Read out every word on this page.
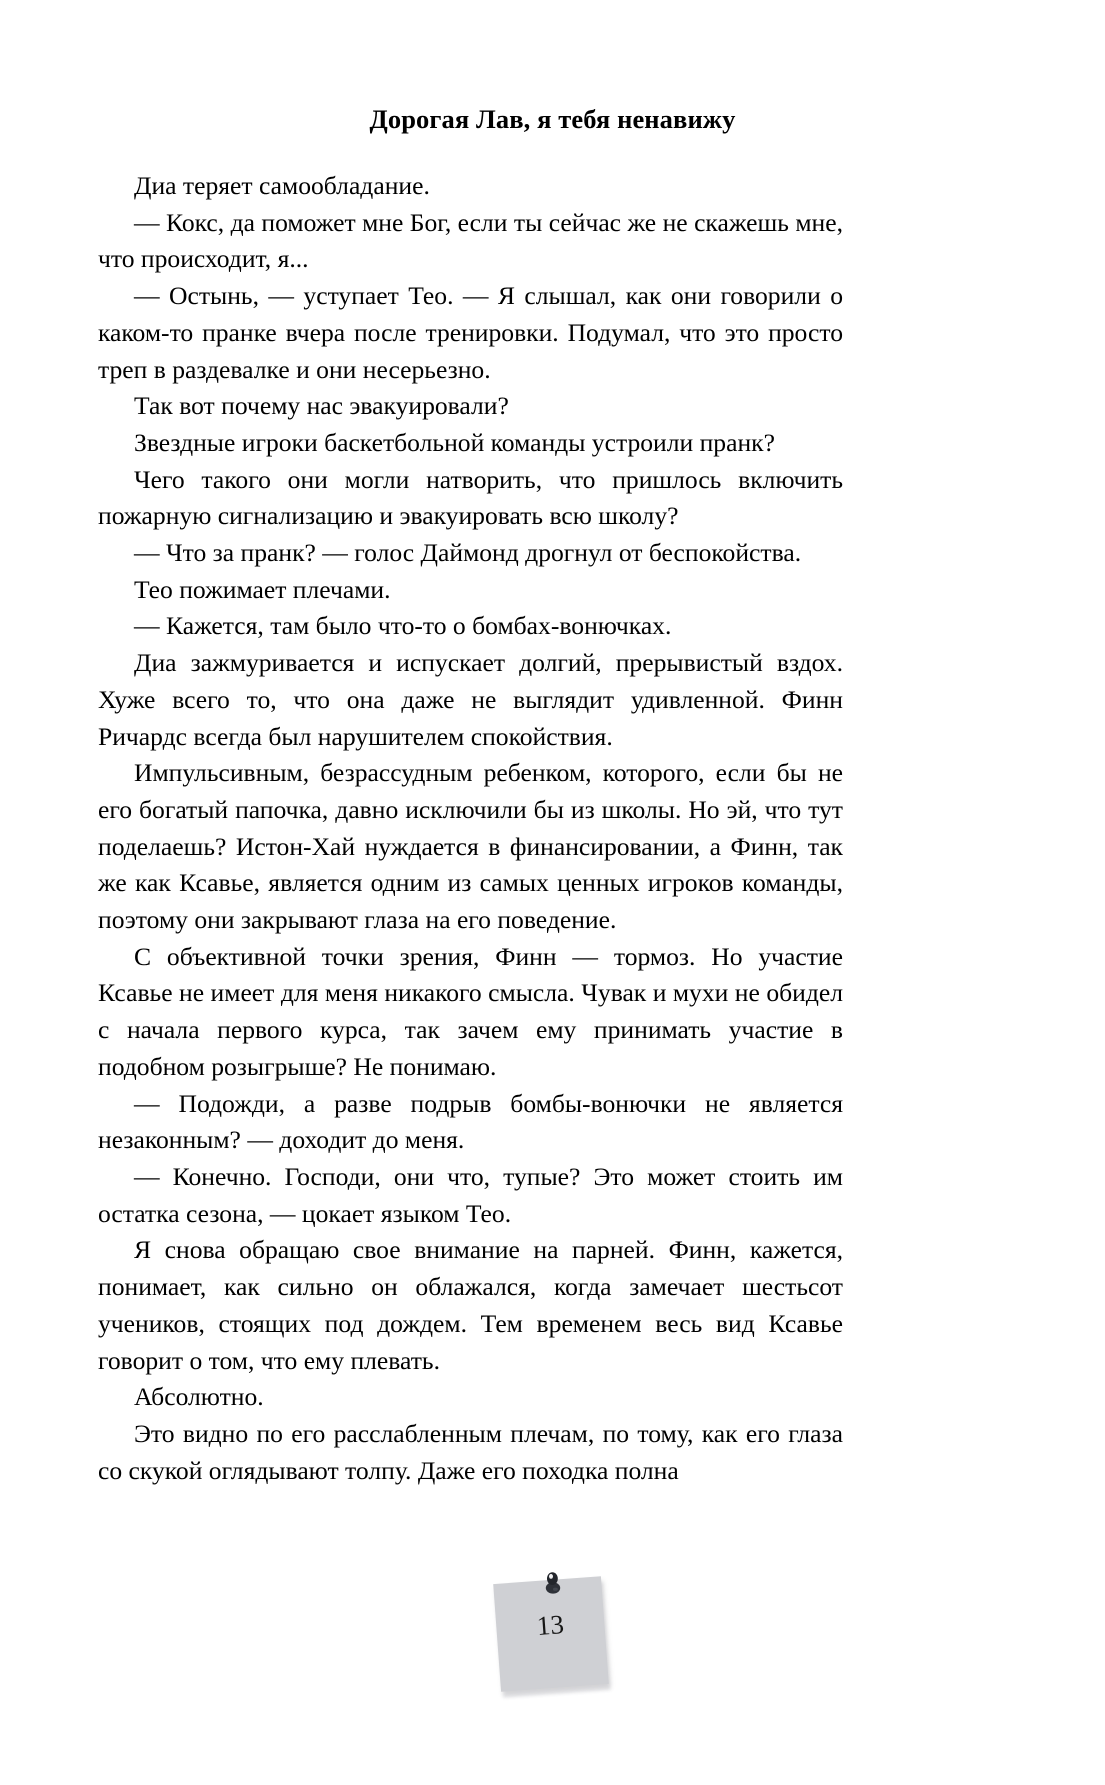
Дорогая Лав, я тебя ненавижу

Диа теряет самообладание.

— Кокс, да поможет мне Бог, если ты сейчас же не скажешь мне, что происходит, я...

— Остынь, — уступает Тео. — Я слышал, как они говорили о каком-то пранке вчера после тренировки. Подумал, что это просто треп в раздевалке и они несерьезно.

Так вот почему нас эвакуировали?

Звездные игроки баскетбольной команды устроили пранк?

Чего такого они могли натворить, что пришлось включить пожарную сигнализацию и эвакуировать всю школу?

— Что за пранк? — голос Даймонд дрогнул от беспокойства.

Тео пожимает плечами.

— Кажется, там было что-то о бомбах-вонючках.

Диа зажмуривается и испускает долгий, прерывистый вздох. Хуже всего то, что она даже не выглядит удивленной. Финн Ричардс всегда был нарушителем спокойствия.

Импульсивным, безрассудным ребенком, которого, если бы не его богатый папочка, давно исключили бы из школы. Но эй, что тут поделаешь? Истон-Хай нуждается в финансировании, а Финн, так же как Ксавье, является одним из самых ценных игроков команды, поэтому они закрывают глаза на его поведение.

С объективной точки зрения, Финн — тормоз. Но участие Ксавье не имеет для меня никакого смысла. Чувак и мухи не обидел с начала первого курса, так зачем ему принимать участие в подобном розыгрыше? Не понимаю.

— Подожди, а разве подрыв бомбы-вонючки не является незаконным? — доходит до меня.

— Конечно. Господи, они что, тупые? Это может стоить им остатка сезона, — цокает языком Тео.

Я снова обращаю свое внимание на парней. Финн, кажется, понимает, как сильно он облажался, когда замечает шестьсот учеников, стоящих под дождем. Тем временем весь вид Ксавье говорит о том, что ему плевать.

Абсолютно.

Это видно по его расслабленным плечам, по тому, как его глаза со скукой оглядывают толпу. Даже его походка полна

13
